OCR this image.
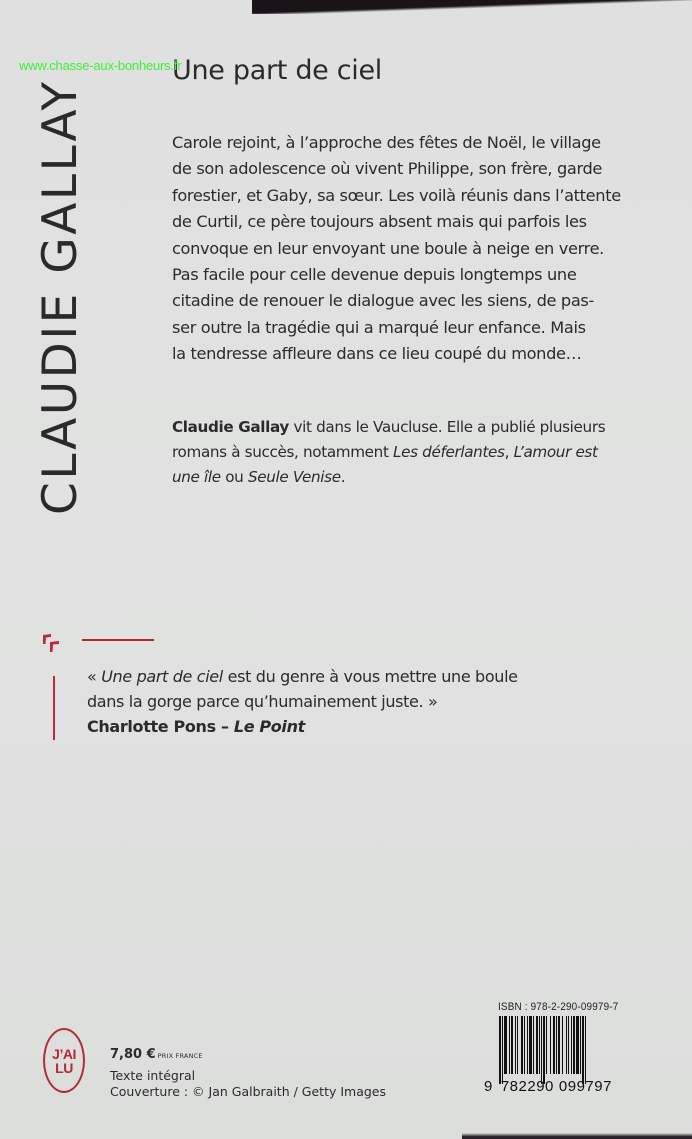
www.chasse-aux-bonheurs.fr
CLAUDIE GALLAY
Une part de ciel
Carole rejoint, à l’approche des fêtes de Noël, le village
de son adolescence où vivent Philippe, son frère, garde
forestier, et Gaby, sa sœur. Les voilà réunis dans l’attente
de Curtil, ce père toujours absent mais qui parfois les
convoque en leur envoyant une boule à neige en verre.
Pas facile pour celle devenue depuis longtemps une
citadine de renouer le dialogue avec les siens, de pas-
ser outre la tragédie qui a marqué leur enfance. Mais
la tendresse affleure dans ce lieu coupé du monde…
Claudie Gallay vit dans le Vaucluse. Elle a publié plusieurs
romans à succès, notamment Les déferlantes, L’amour est
une île ou Seule Venise.
« Une part de ciel est du genre à vous mettre une boule
dans la gorge parce qu’humainement juste. »
Charlotte Pons – Le Point
J’AI
LU
7,80 € PRIX FRANCE
Texte intégral
Couverture : © Jan Galbraith / Getty Images
ISBN : 978-2-290-09979-7
9 782290 099797
